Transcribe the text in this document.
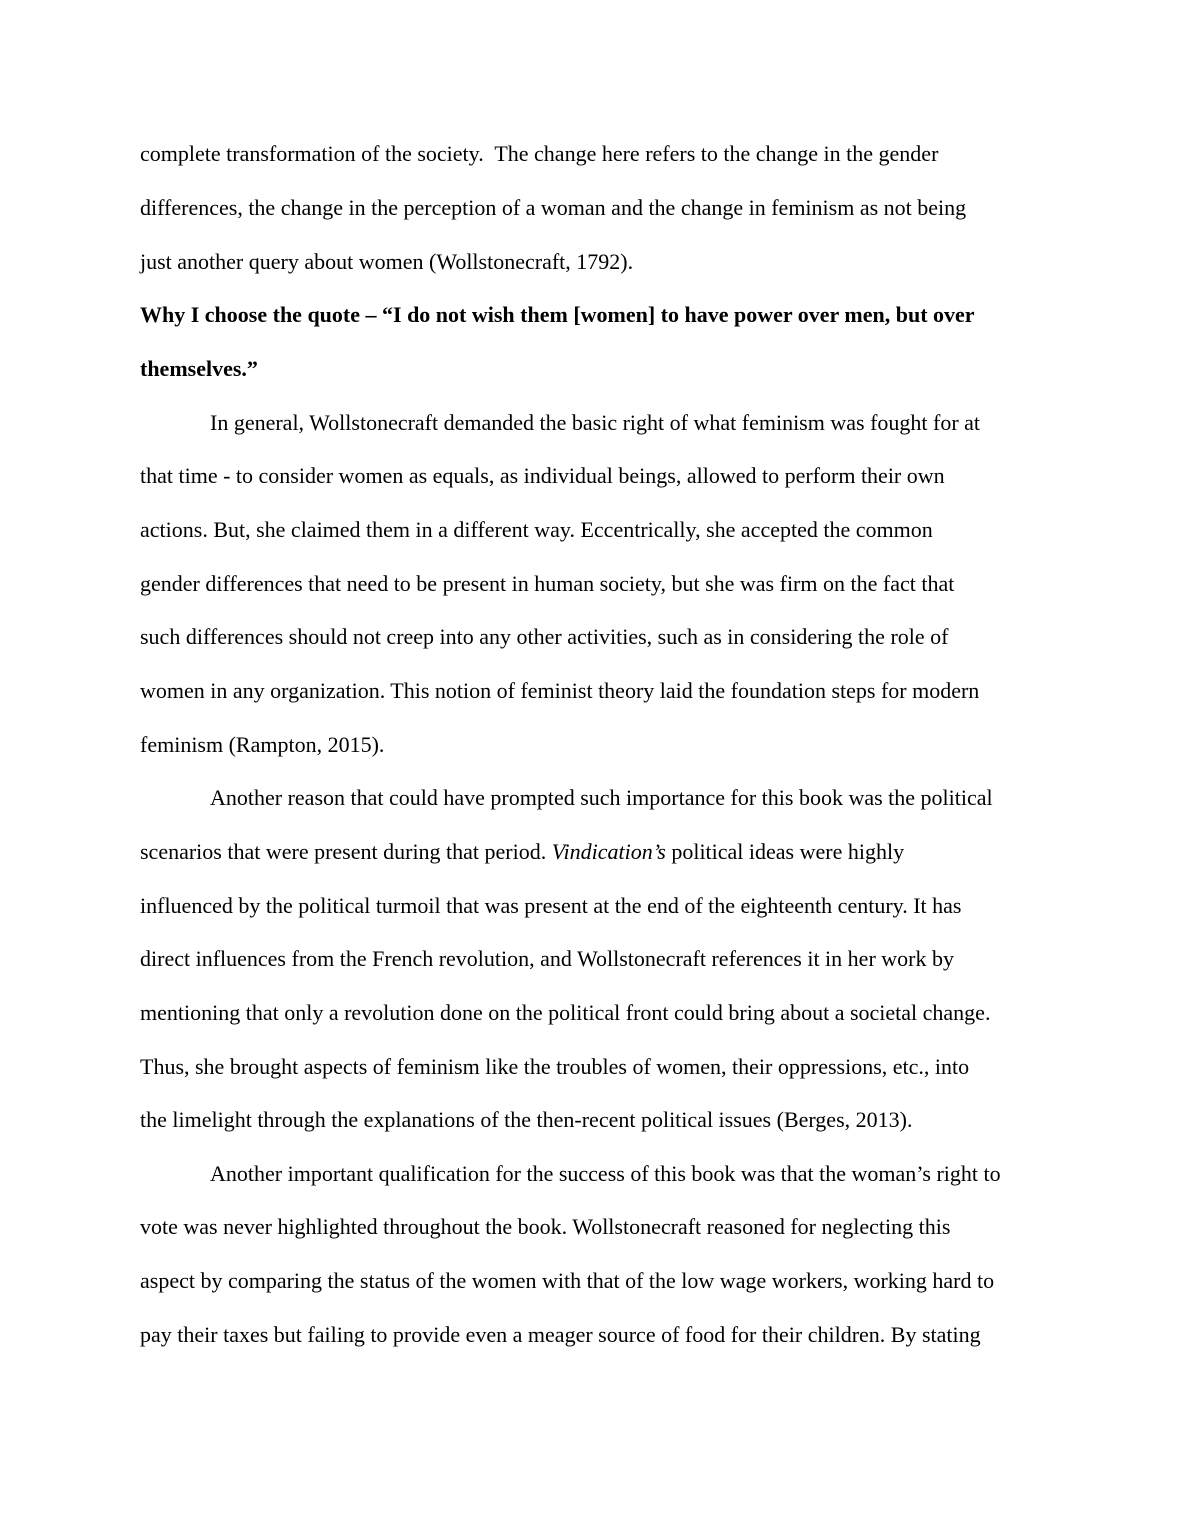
complete transformation of the society.  The change here refers to the change in the gender
differences, the change in the perception of a woman and the change in feminism as not being
just another query about women (Wollstonecraft, 1792).
Why I choose the quote – “I do not wish them [women] to have power over men, but over
themselves.”
In general, Wollstonecraft demanded the basic right of what feminism was fought for at
that time - to consider women as equals, as individual beings, allowed to perform their own
actions. But, she claimed them in a different way. Eccentrically, she accepted the common
gender differences that need to be present in human society, but she was firm on the fact that
such differences should not creep into any other activities, such as in considering the role of
women in any organization. This notion of feminist theory laid the foundation steps for modern
feminism (Rampton, 2015).
Another reason that could have prompted such importance for this book was the political
scenarios that were present during that period. Vindication’s political ideas were highly
influenced by the political turmoil that was present at the end of the eighteenth century. It has
direct influences from the French revolution, and Wollstonecraft references it in her work by
mentioning that only a revolution done on the political front could bring about a societal change.
Thus, she brought aspects of feminism like the troubles of women, their oppressions, etc., into
the limelight through the explanations of the then-recent political issues (Berges, 2013).
Another important qualification for the success of this book was that the woman’s right to
vote was never highlighted throughout the book. Wollstonecraft reasoned for neglecting this
aspect by comparing the status of the women with that of the low wage workers, working hard to
pay their taxes but failing to provide even a meager source of food for their children. By stating
